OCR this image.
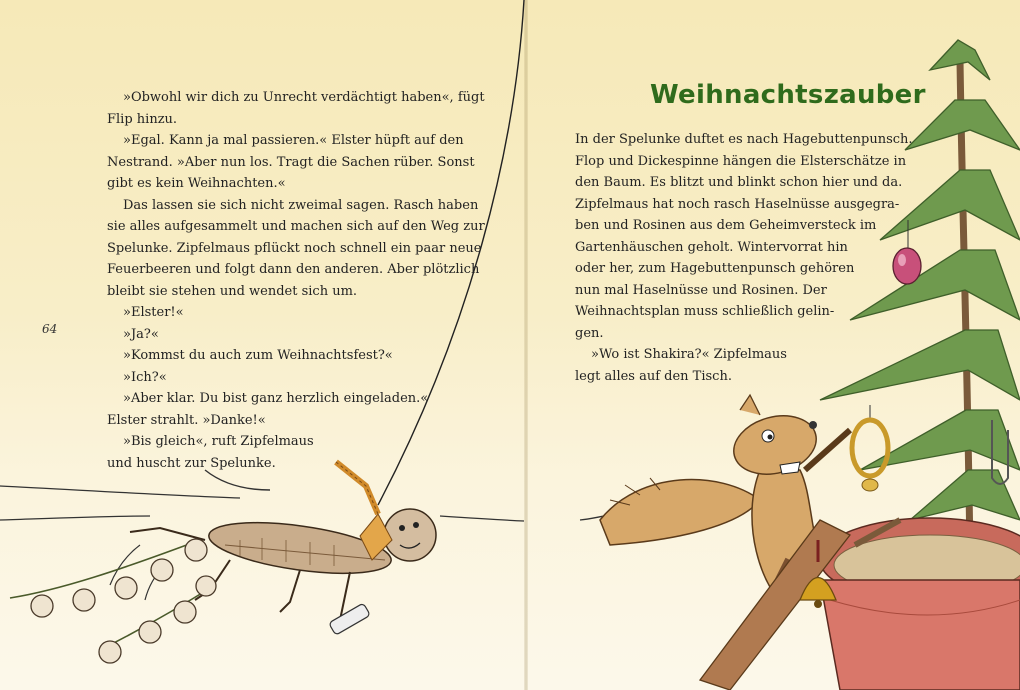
64
»Obwohl wir dich zu Unrecht verdächtigt haben«, fügt
Flip hinzu.
»Egal. Kann ja mal passieren.« Elster hüpft auf den
Nestrand. »Aber nun los. Tragt die Sachen rüber. Sonst
gibt es kein Weihnachten.«
Das lassen sie sich nicht zweimal sagen. Rasch haben
sie alles aufgesammelt und machen sich auf den Weg zur
Spelunke. Zipfelmaus pflückt noch schnell ein paar neue
Feuerbeeren und folgt dann den anderen. Aber plötzlich
bleibt sie stehen und wendet sich um.
»Elster!«
»Ja?«
»Kommst du auch zum Weihnachtsfest?«
»Ich?«
»Aber klar. Du bist ganz herzlich eingeladen.«
Elster strahlt. »Danke!«
»Bis gleich«, ruft Zipfelmaus
und huscht zur Spelunke.
Weihnachtszauber
In der Spelunke duftet es nach Hagebuttenpunsch.
Flop und Dickespinne hängen die Elsterschätze in
den Baum. Es blitzt und blinkt schon hier und da.
Zipfelmaus hat noch rasch Haselnüsse ausgegra-
ben und Rosinen aus dem Geheimversteck im
Gartenhäuschen geholt. Wintervorrat hin
oder her, zum Hagebuttenpunsch gehören
nun mal Haselnüsse und Rosinen. Der
Weihnachtsplan muss schließlich gelin-
gen.
»Wo ist Shakira?« Zipfelmaus
legt alles auf den Tisch.
